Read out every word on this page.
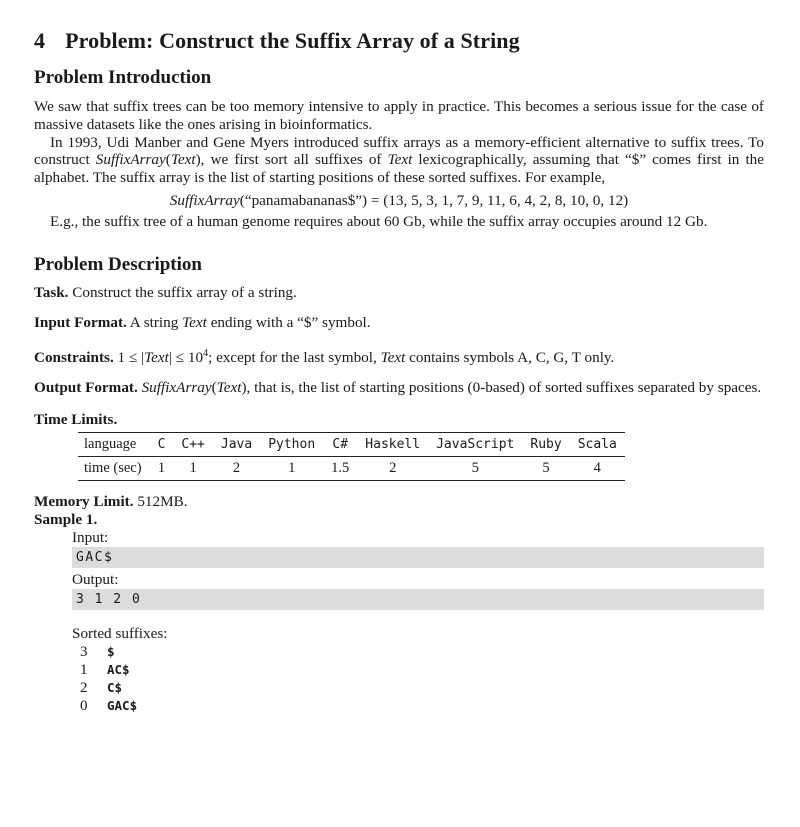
4 Problem: Construct the Suffix Array of a String
Problem Introduction

We saw that suffix trees can be too memory intensive to apply in practice. This becomes a serious issue for the case of massive datasets like the ones arising in bioinformatics.

In 1993, Udi Manber and Gene Myers introduced suffix arrays as a memory-efficient alternative to suffix trees. To construct SuffixArray(Text), we first sort all suffixes of Text lexicographically, assuming that “$” comes first in the alphabet. The suffix array is the list of starting positions of these sorted suffixes. For example,

SuffixArray(“panamabananas$”) = (13, 5, 3, 1, 7, 9, 11, 6, 4, 2, 8, 10, 0, 12)

E.g., the suffix tree of a human genome requires about 60 Gb, while the suffix array occupies around 12 Gb.

Problem Description

Task. Construct the suffix array of a string.

Input Format. A string Text ending with a “$” symbol.

Constraints. 1 ≤ |Text| ≤ $10^4$; except for the last symbol, Text contains symbols A, C, G, T only.

Output Format. SuffixArray(Text), that is, the list of starting positions (0-based) of sorted suffixes separated by spaces.

Time Limits.

language	C	C++	Java	Python	C#	Haskell	JavaScript	Ruby	Scala
time (sec)	1	1	2	1	1.5	2	5	5	4

Memory Limit. 512MB.

Sample 1.

Input:
GAC$
Output:
3 1 2 0
Sorted suffixes:
3	$
1	AC$
2	C$
0	GAC$
